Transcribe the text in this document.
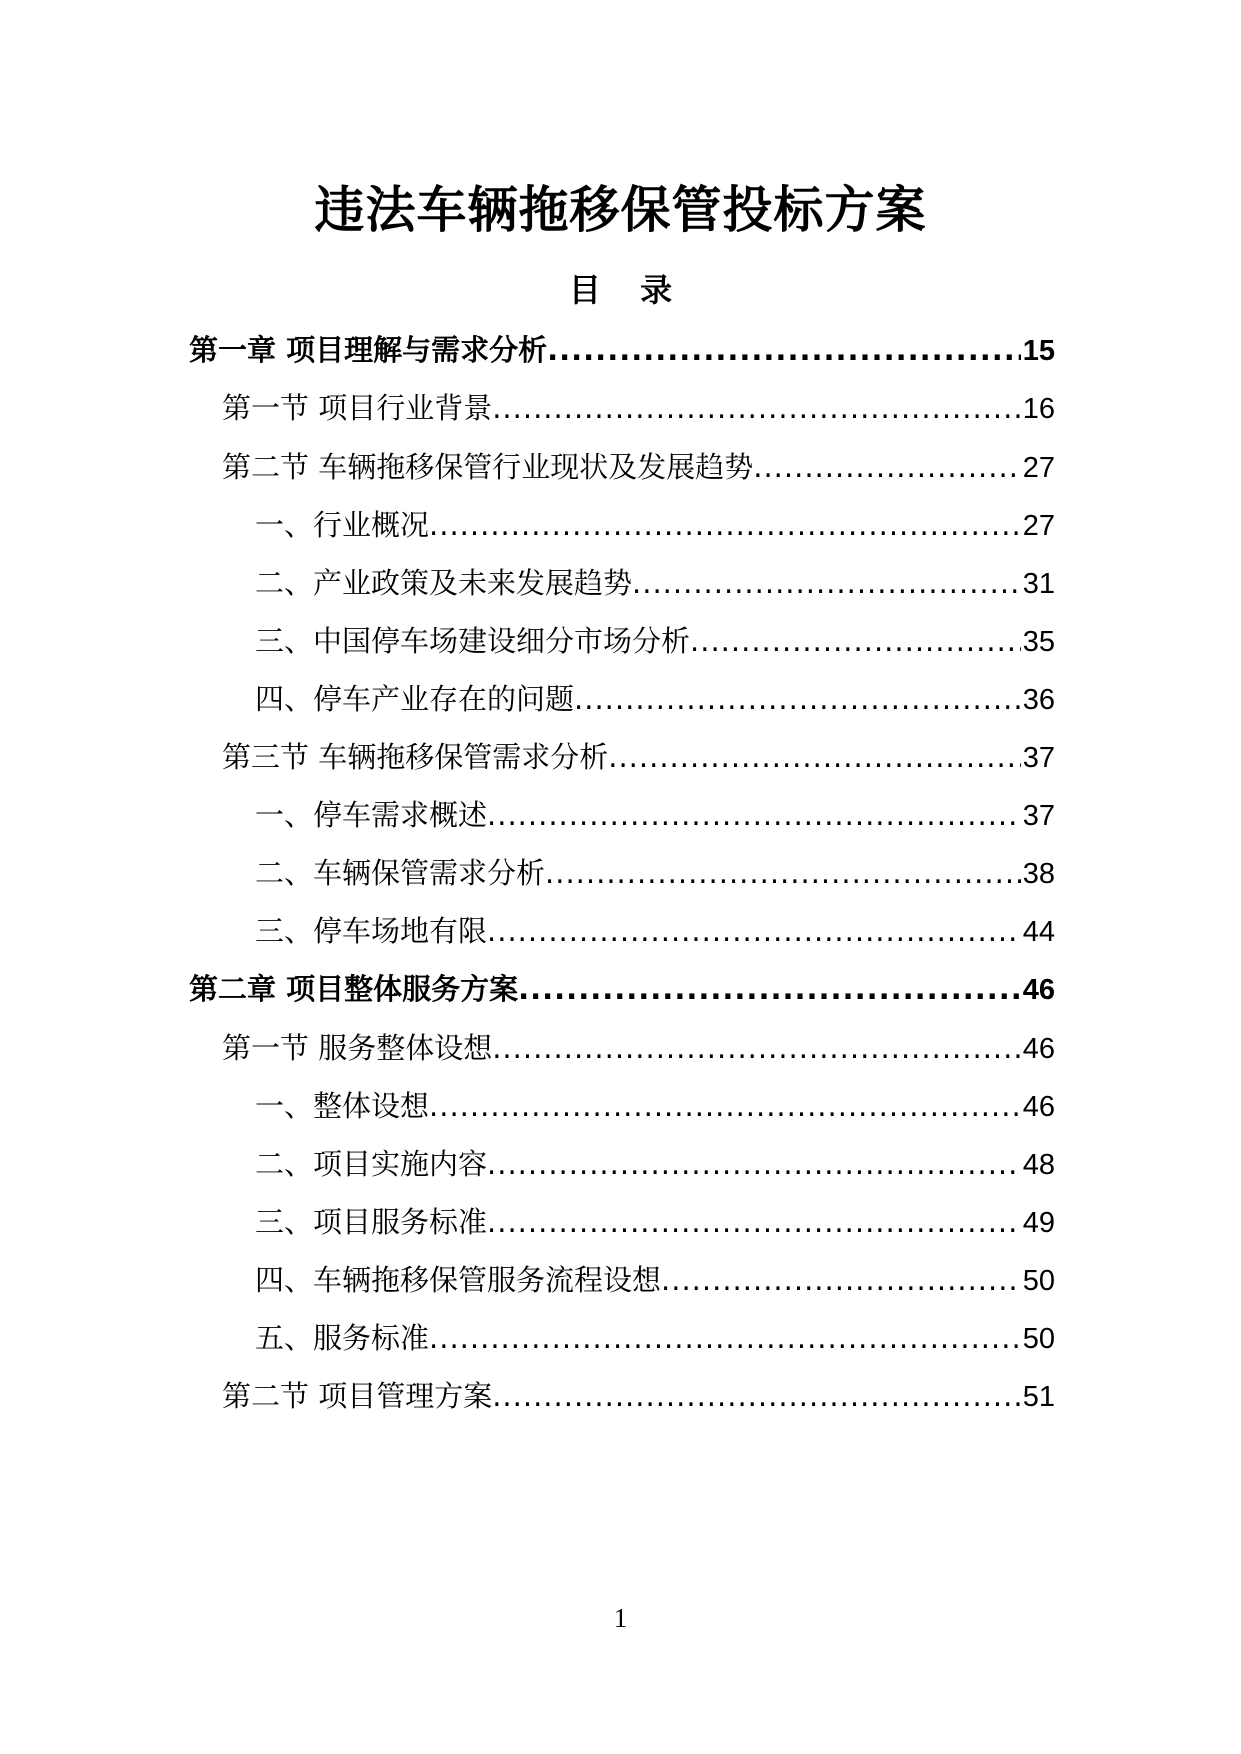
违法车辆拖移保管投标方案
目 录
第一章 项目理解与需求分析 .....	15
第一节 项目行业背景 .....	16
第二节 车辆拖移保管行业现状及发展趋势 .....	27
一、行业概况 .....	27
二、产业政策及未来发展趋势 .....	31
三、中国停车场建设细分市场分析 .....	35
四、停车产业存在的问题 .....	36
第三节 车辆拖移保管需求分析 .....	37
一、停车需求概述 .....	37
二、车辆保管需求分析 .....	38
三、停车场地有限 .....	44
第二章 项目整体服务方案 .....	46
第一节 服务整体设想 .....	46
一、整体设想 .....	46
二、项目实施内容 .....	48
三、项目服务标准 .....	49
四、车辆拖移保管服务流程设想 .....	50
五、服务标准 .....	50
第二节 项目管理方案 .....	51

1
